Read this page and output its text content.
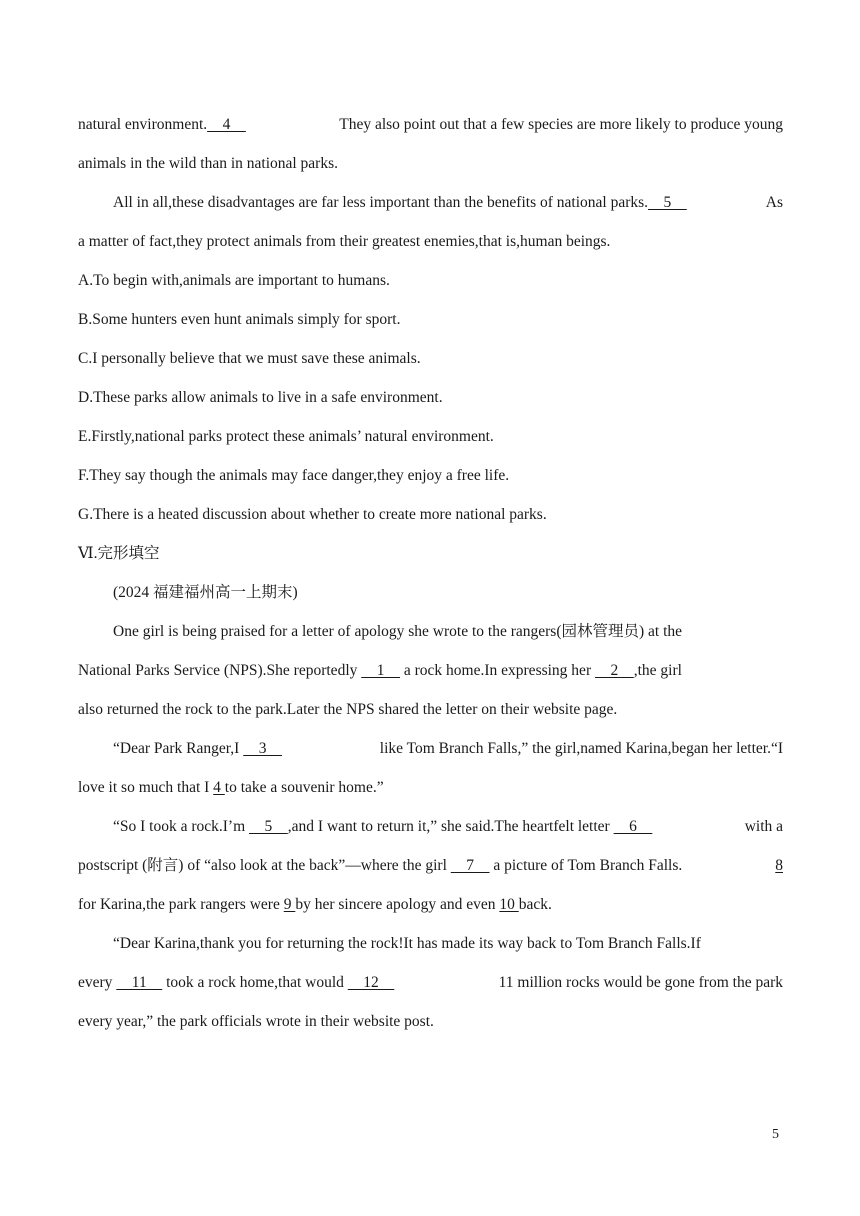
natural environment.    4	They also point out that a few species are more likely to produce young
animals in the wild than in national parks.
All in all,these disadvantages are far less important than the benefits of national parks.    5	As
a matter of fact,they protect animals from their greatest enemies,that is,human beings.
A.To begin with,animals are important to humans.
B.Some hunters even hunt animals simply for sport.
C.I personally believe that we must save these animals.
D.These parks allow animals to live in a safe environment.
E.Firstly,national parks protect these animals’ natural environment.
F.They say though the animals may face danger,they enjoy a free life.
G.There is a heated discussion about whether to create more national parks.
Ⅵ.完形填空
(2024 福建福州高一上期末)
One girl is being praised for a letter of apology she wrote to the rangers(园林管理员) at the
National Parks Service (NPS).She reportedly     1     a rock home.In expressing her     2    ,the girl
also returned the rock to the park.Later the NPS shared the letter on their website page.
“Dear Park Ranger,I     3	like Tom Branch Falls,” the girl,named Karina,began her letter.“I
love it so much that I 4 to take a souvenir home.”
“So I took a rock.I’m     5    ,and I want to return it,” she said.The heartfelt letter     6	with a
postscript (附言) of “also look at the back”—where the girl     7     a picture of Tom Branch Falls.	8
for Karina,the park rangers were 9 by her sincere apology and even 10 back.
“Dear Karina,thank you for returning the rock!It has made its way back to Tom Branch Falls.If
every     11     took a rock home,that would     12	11 million rocks would be gone from the park
every year,” the park officials wrote in their website post.
5
